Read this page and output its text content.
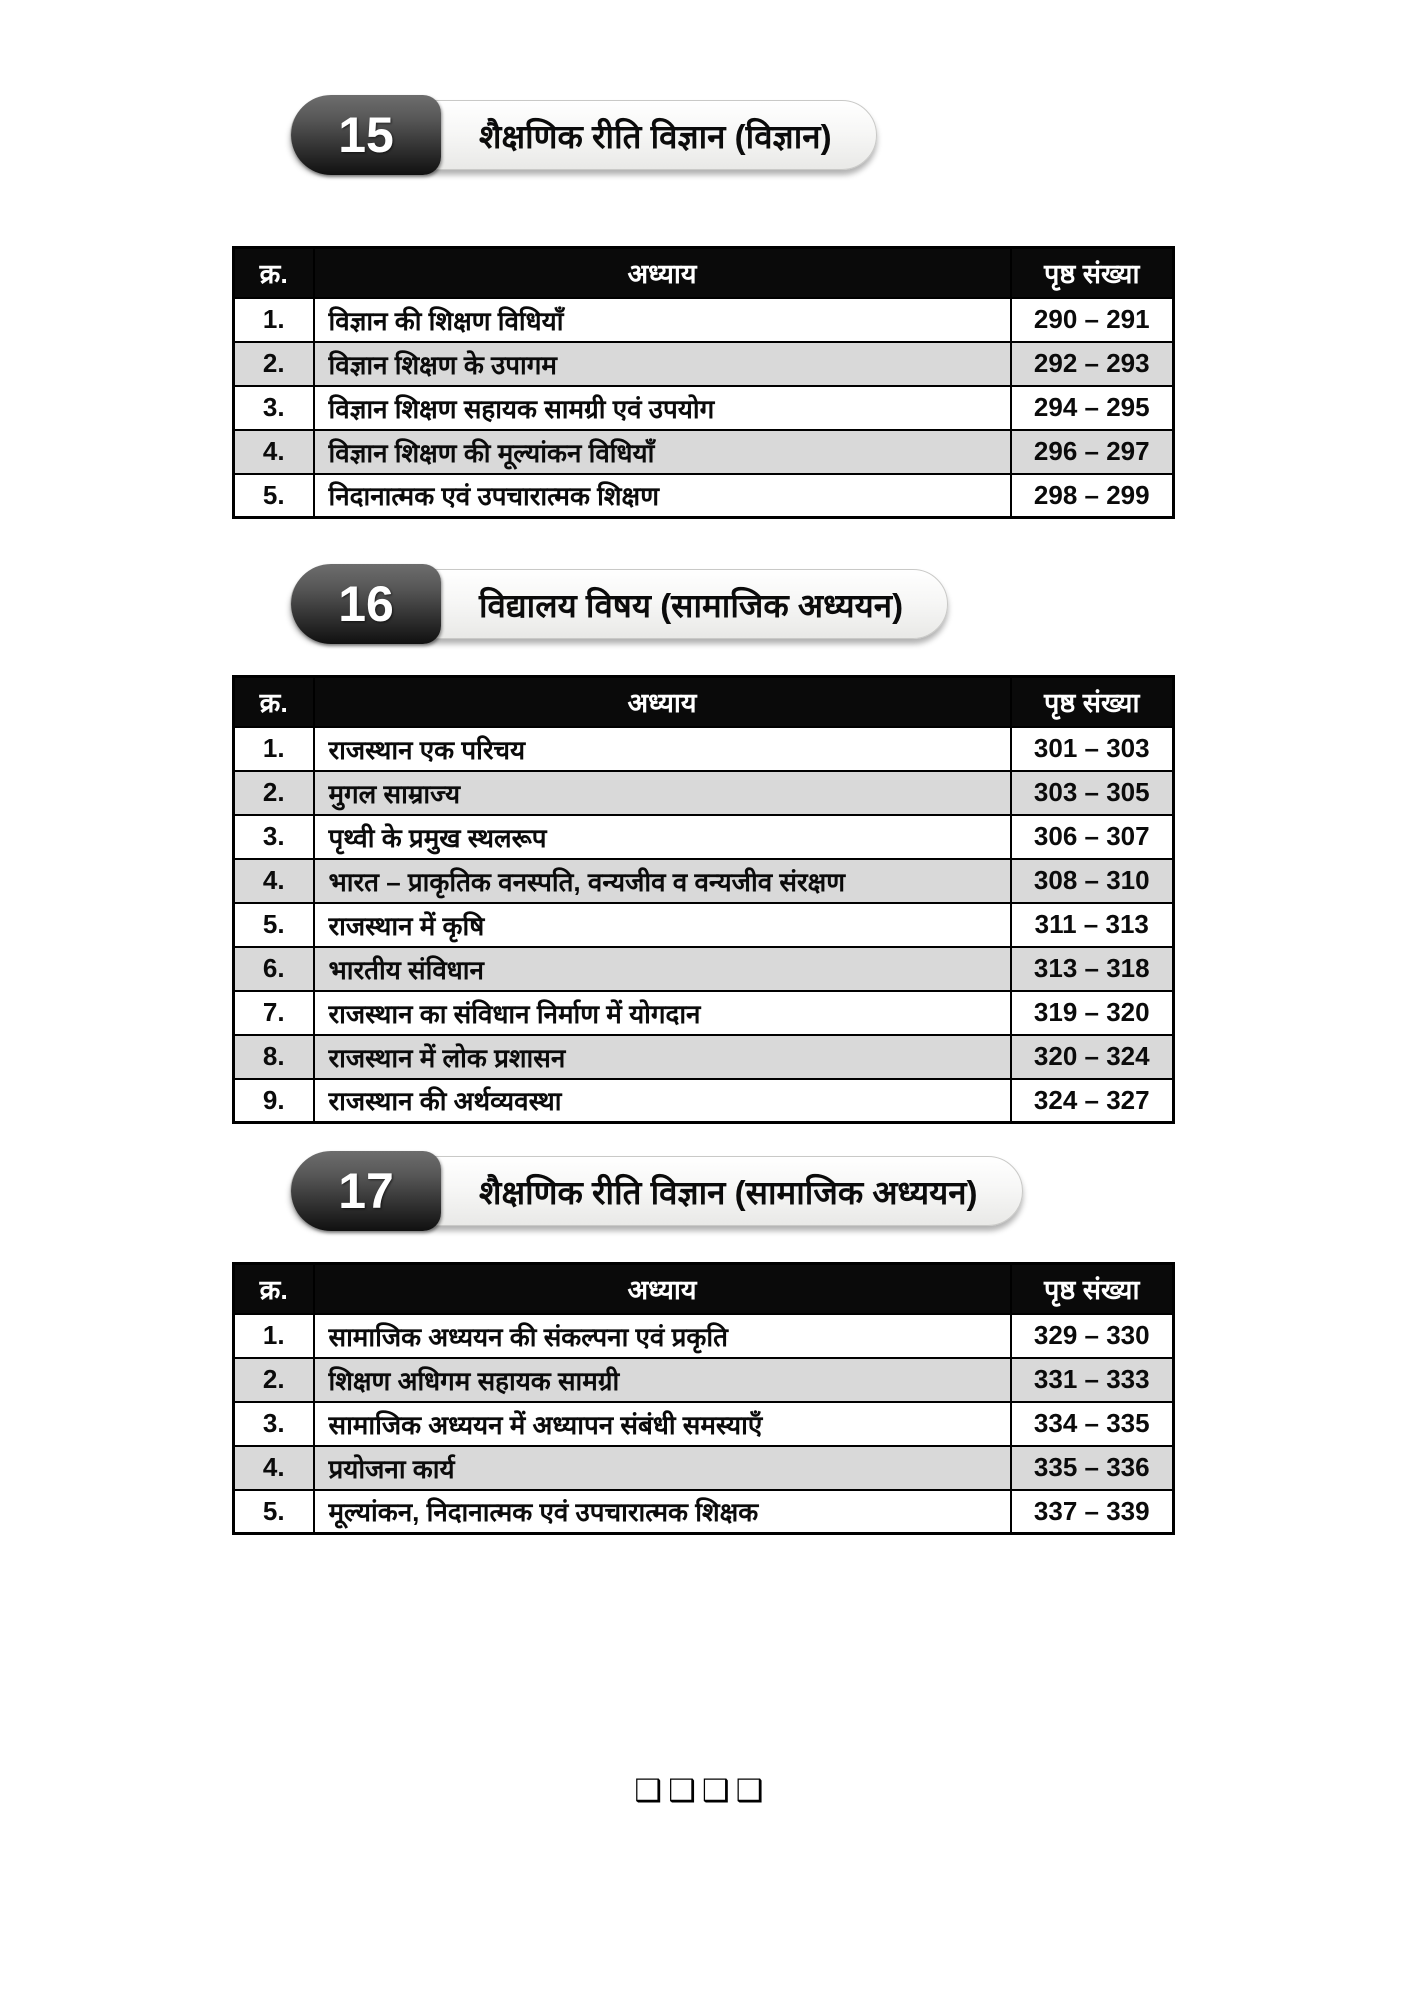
15	शैक्षणिक रीति विज्ञान (विज्ञान)
क्र.	अध्याय	पृष्ठ संख्या
1.	विज्ञान की शिक्षण विधियाँ	290 – 291
2.	विज्ञान शिक्षण के उपागम	292 – 293
3.	विज्ञान शिक्षण सहायक सामग्री एवं उपयोग	294 – 295
4.	विज्ञान शिक्षण की मूल्यांकन विधियाँ	296 – 297
5.	निदानात्मक एवं उपचारात्मक शिक्षण	298 – 299
16	विद्यालय विषय (सामाजिक अध्ययन)
क्र.	अध्याय	पृष्ठ संख्या
1.	राजस्थान एक परिचय	301 – 303
2.	मुगल साम्राज्य	303 – 305
3.	पृथ्वी के प्रमुख स्थलरूप	306 – 307
4.	भारत – प्राकृतिक वनस्पति, वन्यजीव व वन्यजीव संरक्षण	308 – 310
5.	राजस्थान में कृषि	311 – 313
6.	भारतीय संविधान	313 – 318
7.	राजस्थान का संविधान निर्माण में योगदान	319 – 320
8.	राजस्थान में लोक प्रशासन	320 – 324
9.	राजस्थान की अर्थव्यवस्था	324 – 327
17	शैक्षणिक रीति विज्ञान (सामाजिक अध्ययन)
क्र.	अध्याय	पृष्ठ संख्या
1.	सामाजिक अध्ययन की संकल्पना एवं प्रकृति	329 – 330
2.	शिक्षण अधिगम सहायक सामग्री	331 – 333
3.	सामाजिक अध्ययन में अध्यापन संबंधी समस्याएँ	334 – 335
4.	प्रयोजना कार्य	335 – 336
5.	मूल्यांकन, निदानात्मक एवं उपचारात्मक शिक्षक	337 – 339
❑❑❑❑
